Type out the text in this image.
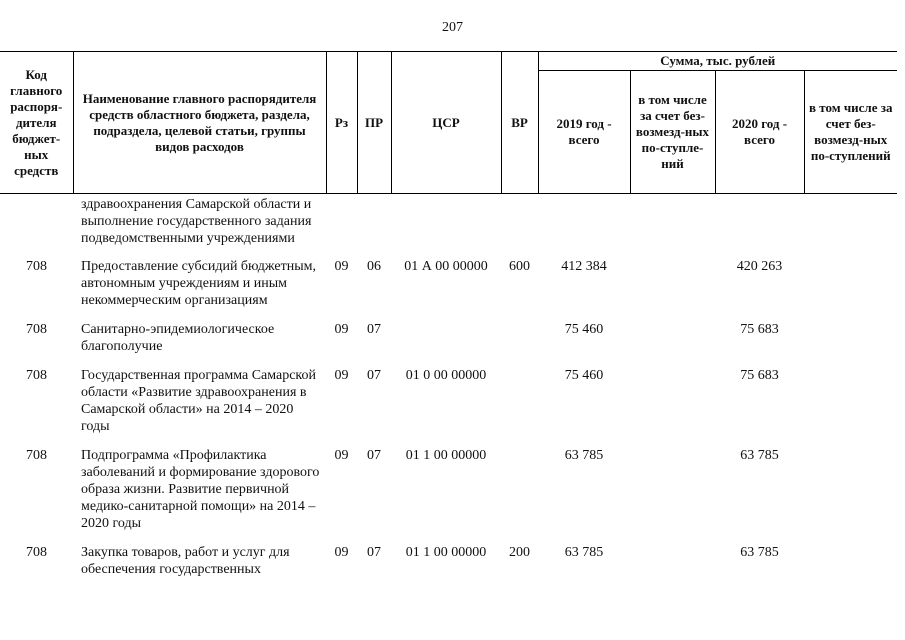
207
Код главного распоря-дителя бюджет-ных средств	Наименование главного распорядителя средств областного бюджета, раздела, подраздела, целевой статьи, группы видов расходов	Рз	ПР	ЦСР	ВР	Сумма, тыс. рублей			
						2019 год - всего	в том числе за счет без-возмезд-ных по-ступле-ний	2020 год - всего	в том числе за счет без-возмезд-ных по-ступлений
	здравоохранения Самарской области и выполнение государственного задания подведомственными учреждениями								
708	Предоставление субсидий бюджетным, автономным учреждениям и иным некоммерческим организациям	09	06	01 А 00 00000	600	412 384		420 263	
708	Санитарно-эпидемиологическое благополучие	09	07			75 460		75 683	
708	Государственная программа Самарской области «Развитие здравоохранения в Самарской области» на 2014 – 2020 годы	09	07	01 0 00 00000		75 460		75 683	
708	Подпрограмма «Профилактика заболеваний и формирование здорового образа жизни. Развитие первичной медико-санитарной помощи» на 2014 – 2020 годы	09	07	01 1 00 00000		63 785		63 785	
708	Закупка товаров, работ и услуг для обеспечения государственных	09	07	01 1 00 00000	200	63 785		63 785	
